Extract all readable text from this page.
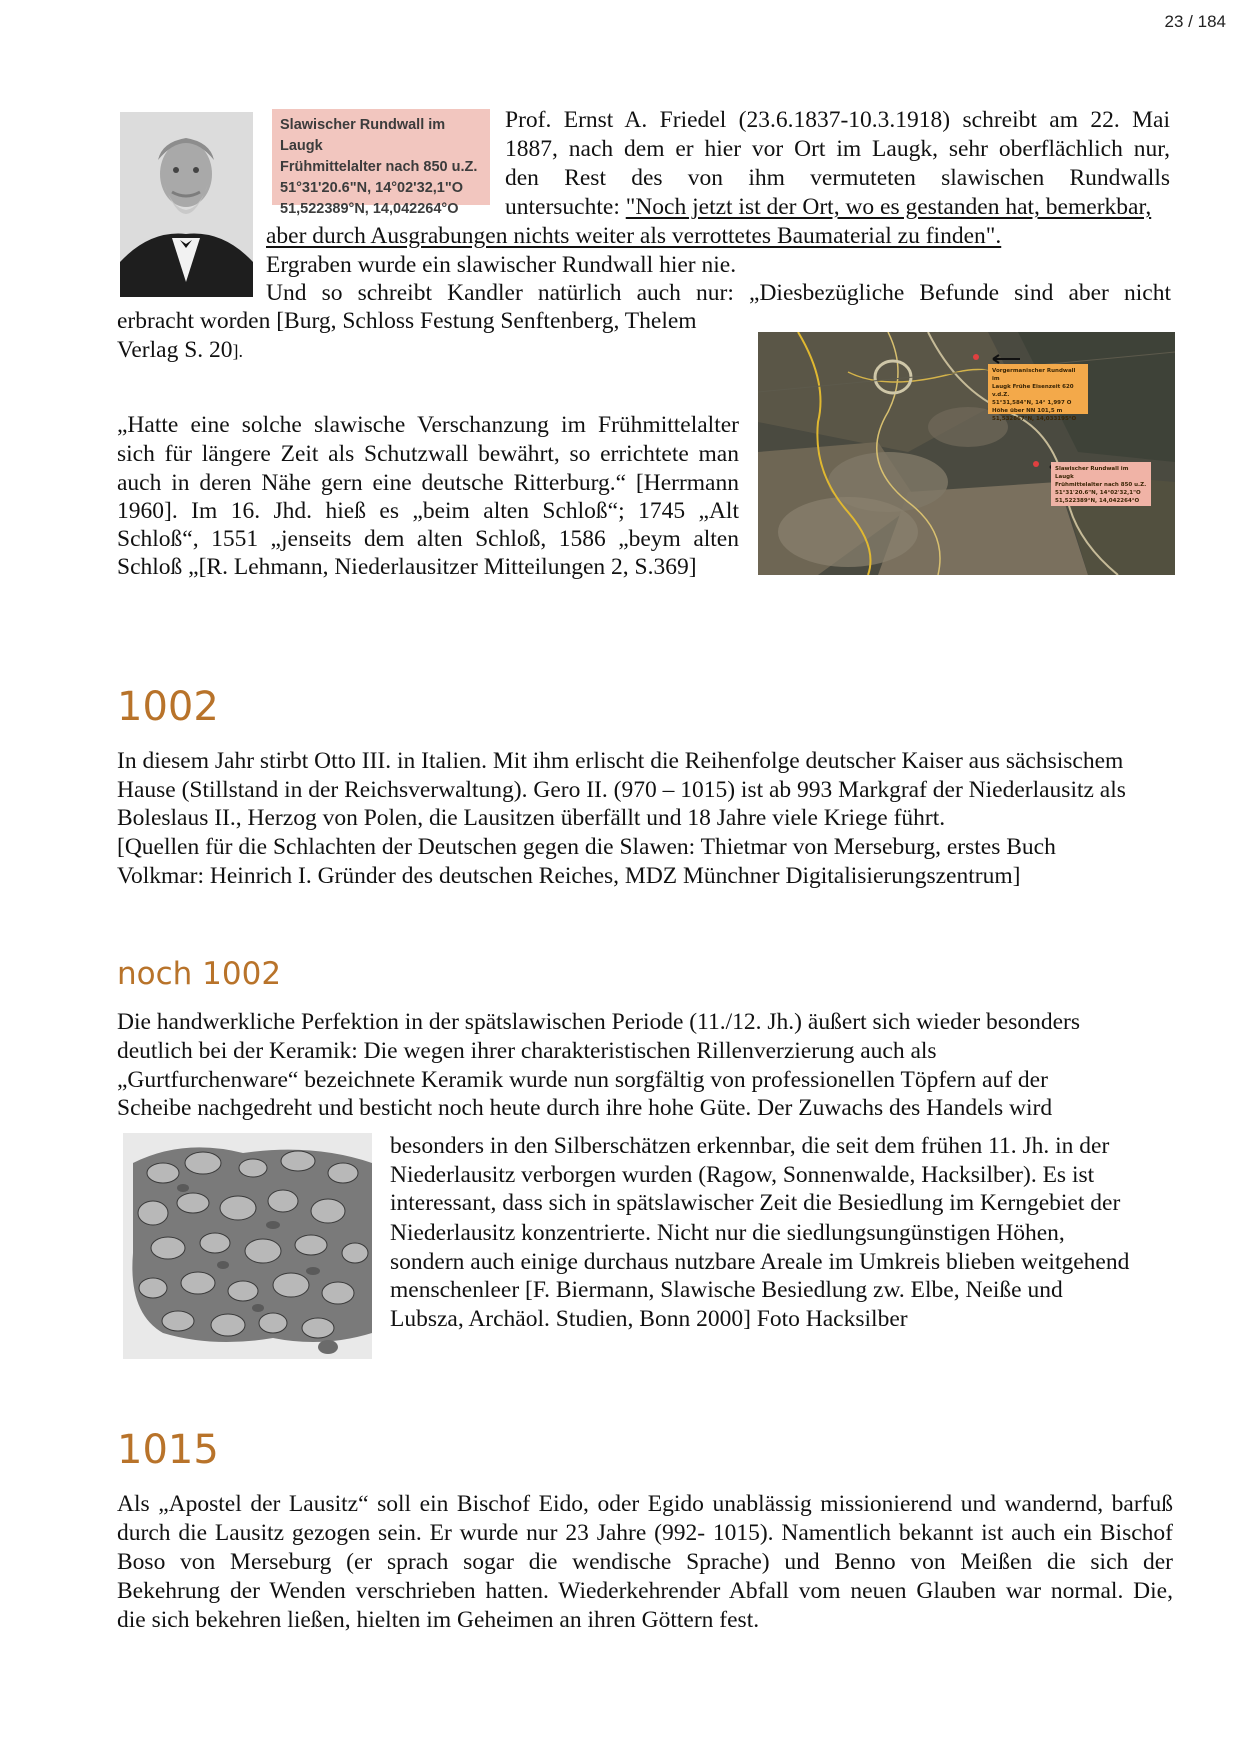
23 / 184
Slawischer Rundwall im Laugk
Frühmittelalter nach 850 u.Z.
51°31'20.6"N, 14°02'32,1"O
51,522389°N, 14,042264°O
Prof. Ernst A. Friedel (23.6.1837-10.3.1918) schreibt am 22. Mai
1887, nach dem er hier vor Ort im Laugk, sehr oberflächlich nur,
den Rest des von ihm vermuteten slawischen Rundwalls
untersuchte: "Noch jetzt ist der Ort, wo es gestanden hat, bemerkbar,
aber durch Ausgrabungen nichts weiter als verrottetes Baumaterial zu finden".
Ergraben wurde ein slawischer Rundwall hier nie.
Und so schreibt Kandler natürlich auch nur: „Diesbezügliche Befunde sind aber nicht
erbracht worden [Burg, Schloss Festung Senftenberg, Thelem
Verlag S. 20].
Vorgermanischer Rundwall im
Laugk Frühe Eisenzeit 620 v.d.Z.
51°31,584"N, 14° 1,997 O
Höhe über NN 101,5 m
51,532867°N, 14,033195°O
Slawischer Rundwall im Laugk
Frühmittelalter nach 850 u.Z.
51°31'20.6"N, 14°02'32,1"O
51,522389°N, 14,042264°O
„Hatte eine solche slawische Verschanzung im Frühmittelalter
sich für längere Zeit als Schutzwall bewährt, so errichtete man
auch in deren Nähe gern eine deutsche Ritterburg.“ [Herrmann
1960]. Im 16. Jhd. hieß es „beim alten Schloß“; 1745 „Alt
Schloß“, 1551 „jenseits dem alten Schloß, 1586 „beym alten
Schloß „[R. Lehmann, Niederlausitzer Mitteilungen 2, S.369]
1002
In diesem Jahr stirbt Otto III. in Italien. Mit ihm erlischt die Reihenfolge deutscher Kaiser aus sächsischem
Hause (Stillstand in der Reichsverwaltung). Gero II. (970 – 1015) ist ab 993 Markgraf der Niederlausitz als
Boleslaus II., Herzog von Polen, die Lausitzen überfällt und 18 Jahre viele Kriege führt.
[Quellen für die Schlachten der Deutschen gegen die Slawen: Thietmar von Merseburg, erstes Buch
Volkmar: Heinrich I. Gründer des deutschen Reiches, MDZ Münchner Digitalisierungszentrum]
noch 1002
Die handwerkliche Perfektion in der spätslawischen Periode (11./12. Jh.) äußert sich wieder besonders
deutlich bei der Keramik: Die wegen ihrer charakteristischen Rillenverzierung auch als
„Gurtfurchenware“ bezeichnete Keramik wurde nun sorgfältig von professionellen Töpfern auf der
Scheibe nachgedreht und besticht noch heute durch ihre hohe Güte. Der Zuwachs des Handels wird
besonders in den Silberschätzen erkennbar, die seit dem frühen 11. Jh. in der
Niederlausitz verborgen wurden (Ragow, Sonnenwalde, Hacksilber). Es ist
interessant, dass sich in spätslawischer Zeit die Besiedlung im Kerngebiet der
Niederlausitz konzentrierte. Nicht nur die siedlungsungünstigen Höhen,
sondern auch einige durchaus nutzbare Areale im Umkreis blieben weitgehend
menschenleer [F. Biermann, Slawische Besiedlung zw. Elbe, Neiße und
Lubsza, Archäol. Studien, Bonn 2000] Foto Hacksilber
1015
Als „Apostel der Lausitz“ soll ein Bischof Eido, oder Egido unablässig missionierend und wandernd, barfuß
durch die Lausitz gezogen sein. Er wurde nur 23 Jahre (992- 1015). Namentlich bekannt ist auch ein Bischof
Boso von Merseburg (er sprach sogar die wendische Sprache) und Benno von Meißen die sich der
Bekehrung der Wenden verschrieben hatten. Wiederkehrender Abfall vom neuen Glauben war normal. Die,
die sich bekehren ließen, hielten im Geheimen an ihren Göttern fest.
